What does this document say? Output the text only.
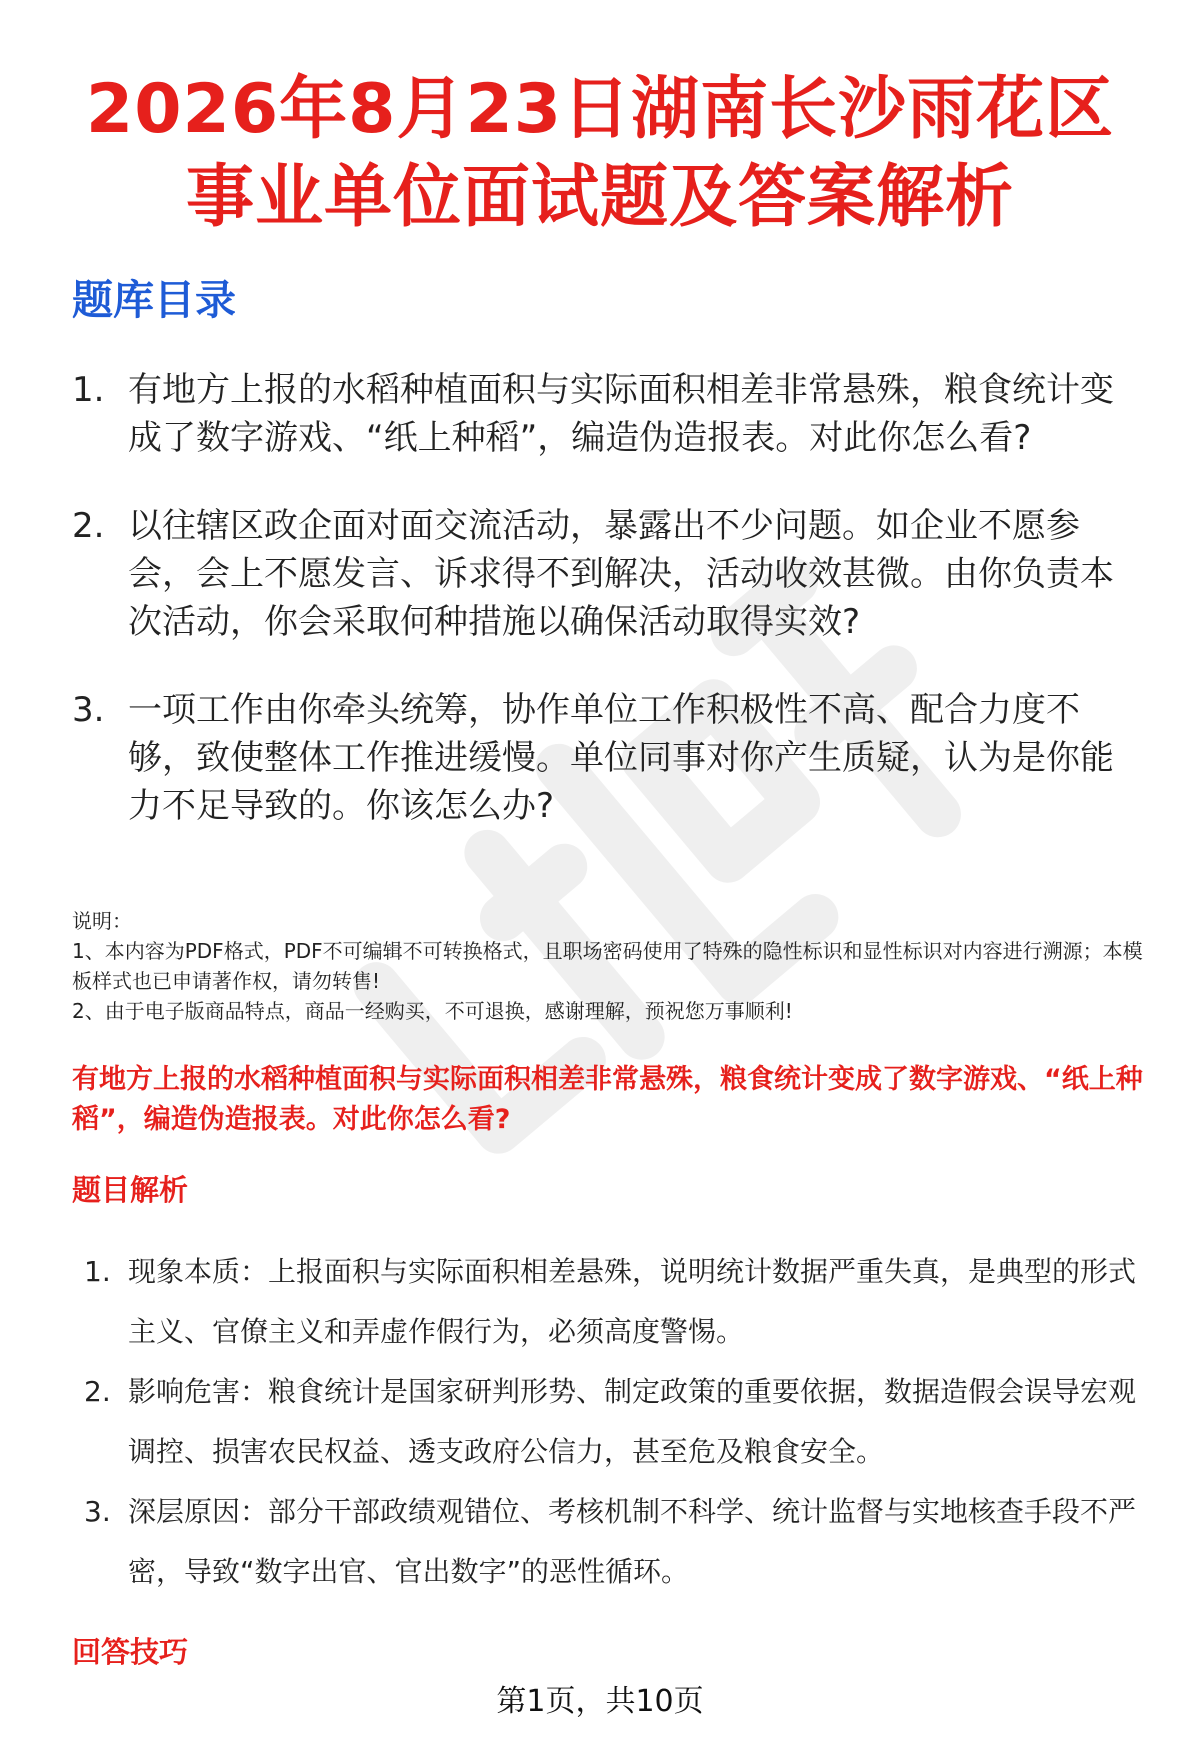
2026年8月23日湖南长沙雨花区事业单位面试题及答案解析
题库目录
1. 有地方上报的水稻种植面积与实际面积相差非常悬殊，粮食统计变成了数字游戏、“纸上种稻”，编造伪造报表。对此你怎么看?
2. 以往辖区政企面对面交流活动，暴露出不少问题。如企业不愿参会，会上不愿发言、诉求得不到解决，活动收效甚微。由你负责本次活动，你会采取何种措施以确保活动取得实效?
3. 一项工作由你牵头统筹，协作单位工作积极性不高、配合力度不够，致使整体工作推进缓慢。单位同事对你产生质疑，认为是你能力不足导致的。你该怎么办?
说明：
1、本内容为PDF格式，PDF不可编辑不可转换格式，且职场密码使用了特殊的隐性标识和显性标识对内容进行溯源；本模板样式也已申请著作权，请勿转售!
2、由于电子版商品特点，商品一经购买，不可退换，感谢理解，预祝您万事顺利!
有地方上报的水稻种植面积与实际面积相差非常悬殊，粮食统计变成了数字游戏、“纸上种稻”，编造伪造报表。对此你怎么看?
题目解析
1. 现象本质：上报面积与实际面积相差悬殊，说明统计数据严重失真，是典型的形式主义、官僚主义和弄虚作假行为，必须高度警惕。
2. 影响危害：粮食统计是国家研判形势、制定政策的重要依据，数据造假会误导宏观调控、损害农民权益、透支政府公信力，甚至危及粮食安全。
3. 深层原因：部分干部政绩观错位、考核机制不科学、统计监督与实地核查手段不严密，导致“数字出官、官出数字”的恶性循环。
回答技巧
第1页，共10页
